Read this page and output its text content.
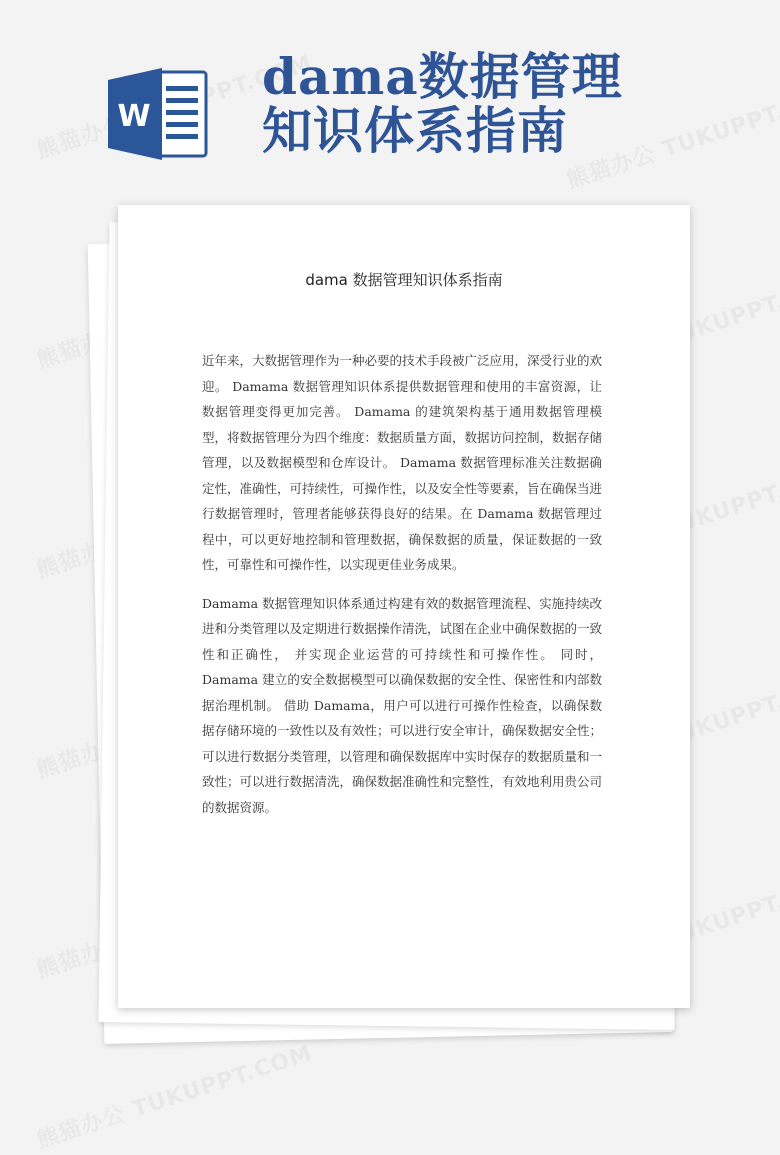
W
dama数据管理
知识体系指南
dama 数据管理知识体系指南

近年来，大数据管理作为一种必要的技术手段被广泛应用，深受行业的欢迎。 Damama 数据管理知识体系提供数据管理和使用的丰富资源，让数据管理变得更加完善。 Damama 的建筑架构基于通用数据管理模型，将数据管理分为四个维度：数据质量方面，数据访问控制，数据存储管理，以及数据模型和仓库设计。 Damama 数据管理标准关注数据确定性，准确性，可持续性，可操作性，以及安全性等要素，旨在确保当进行数据管理时，管理者能够获得良好的结果。在 Damama 数据管理过程中，可以更好地控制和管理数据，确保数据的质量，保证数据的一致性，可靠性和可操作性，以实现更佳业务成果。

Damama 数据管理知识体系通过构建有效的数据管理流程、实施持续改进和分类管理以及定期进行数据操作清洗，试图在企业中确保数据的一致性和正确性， 并实现企业运营的可持续性和可操作性。 同时，Damama 建立的安全数据模型可以确保数据的安全性、保密性和内部数据治理机制。 借助 Damama，用户可以进行可操作性检查，以确保数据存储环境的一致性以及有效性；可以进行安全审计，确保数据安全性；可以进行数据分类管理，以管理和确保数据库中实时保存的数据质量和一致性；可以进行数据清洗，确保数据准确性和完整性，有效地利用贵公司的数据资源。
